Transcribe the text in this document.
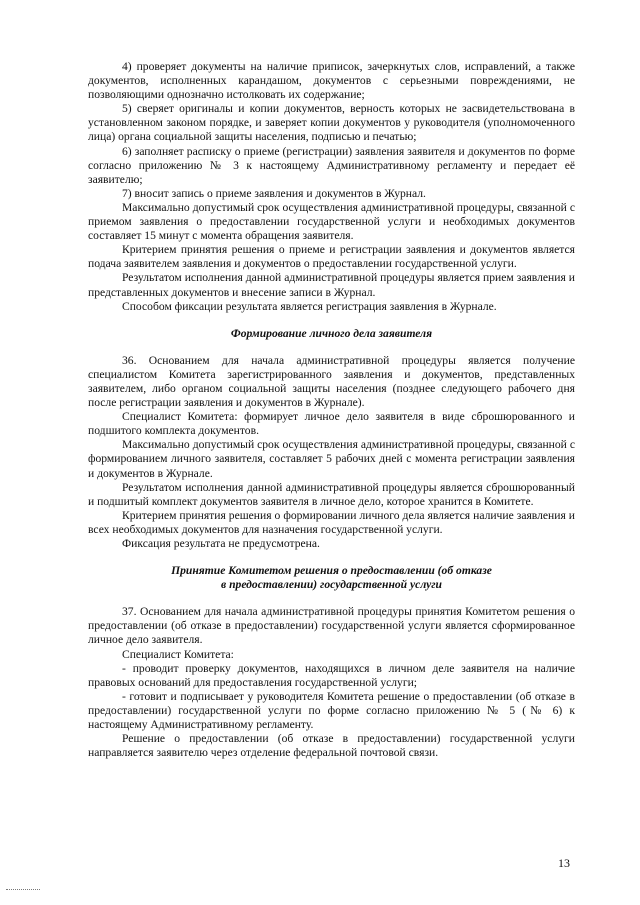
4) проверяет документы на наличие приписок, зачеркнутых слов, исправлений, а также документов, исполненных карандашом, документов с серьезными повреждениями, не позволяющими однозначно истолковать их содержание;

5) сверяет оригиналы и копии документов, верность которых не засвидетельствована в установленном законом порядке, и заверяет копии документов у руководителя (уполномоченного лица) органа социальной защиты населения, подписью и печатью;

6) заполняет расписку о приеме (регистрации) заявления заявителя и документов по форме согласно приложению № 3 к настоящему Административному регламенту и передает её заявителю;

7) вносит запись о приеме заявления и документов в Журнал.

Максимально допустимый срок осуществления административной процедуры, связанной с приемом заявления о предоставлении государственной услуги и необходимых документов составляет 15 минут с момента обращения заявителя.

Критерием принятия решения о приеме и регистрации заявления и документов является подача заявителем заявления и документов о предоставлении государственной услуги.

Результатом исполнения данной административной процедуры является прием заявления и представленных документов и внесение записи в Журнал.

Способом фиксации результата является регистрация заявления в Журнале.

Формирование личного дела заявителя

36. Основанием для начала административной процедуры является получение специалистом Комитета зарегистрированного заявления и документов, представленных заявителем, либо органом социальной защиты населения (позднее следующего рабочего дня после регистрации заявления и документов в Журнале).

Специалист Комитета: формирует личное дело заявителя в виде сброшюрованного и подшитого комплекта документов.

Максимально допустимый срок осуществления административной процедуры, связанной с формированием личного заявителя, составляет 5 рабочих дней с момента регистрации заявления и документов в Журнале.

Результатом исполнения данной административной процедуры является сброшюрованный и подшитый комплект документов заявителя в личное дело, которое хранится в Комитете.

Критерием принятия решения о формировании личного дела является наличие заявления и всех необходимых документов для назначения государственной услуги.

Фиксация результата не предусмотрена.

Принятие Комитетом решения о предоставлении (об отказе в предоставлении) государственной услуги

37. Основанием для начала административной процедуры принятия Комитетом решения о предоставлении (об отказе в предоставлении) государственной услуги является сформированное личное дело заявителя.

Специалист Комитета:

- проводит проверку документов, находящихся в личном деле заявителя на наличие правовых оснований для предоставления государственной услуги;

- готовит и подписывает у руководителя Комитета решение о предоставлении (об отказе в предоставлении) государственной услуги по форме согласно приложению № 5 (№ 6) к настоящему Административному регламенту.

Решение о предоставлении (об отказе в предоставлении) государственной услуги направляется заявителю через отделение федеральной почтовой связи.

13
